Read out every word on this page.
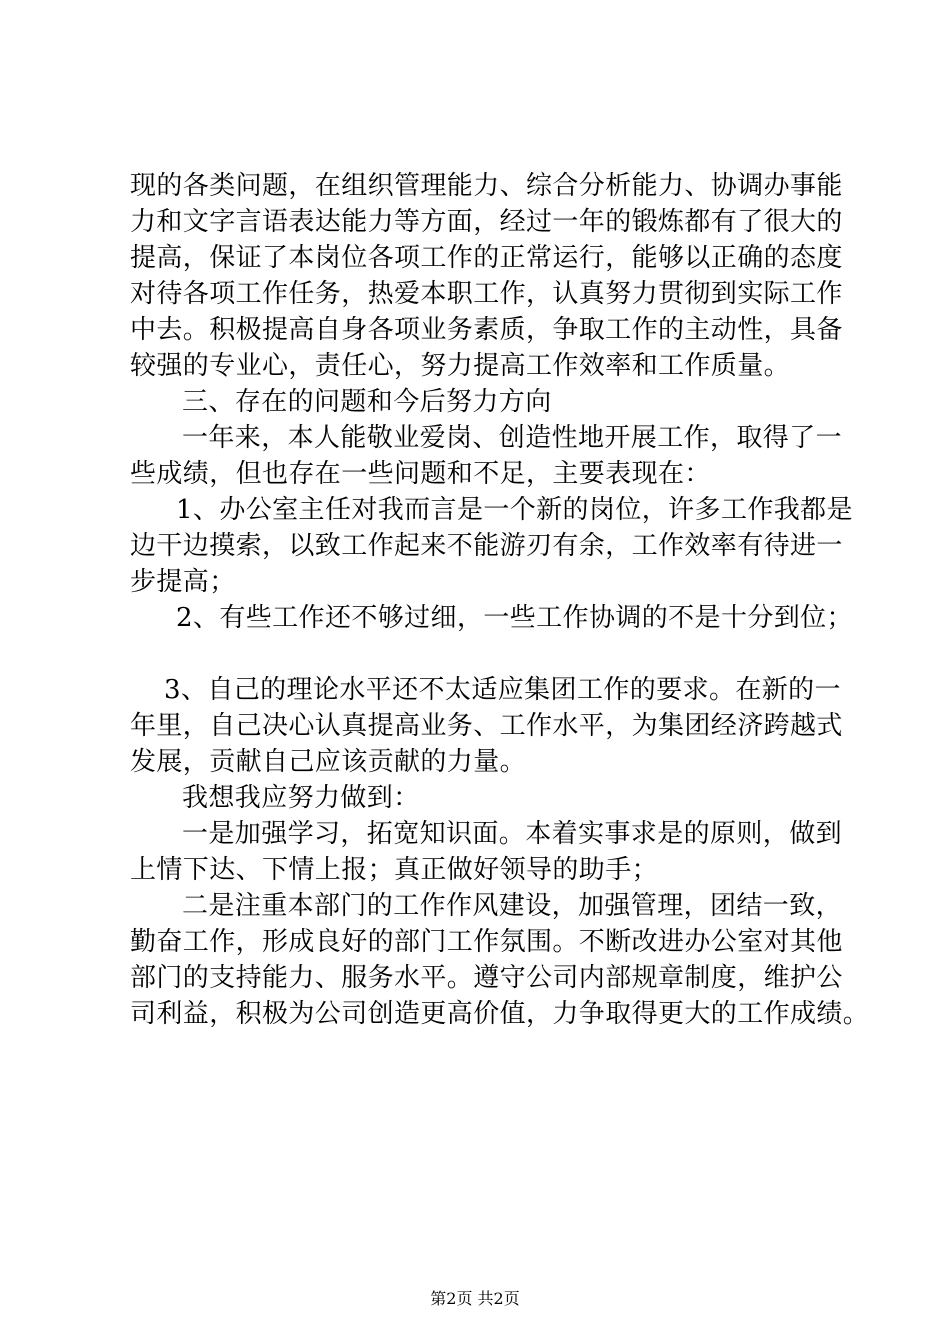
现的各类问题，在组织管理能力、综合分析能力、协调办事能
力和文字言语表达能力等方面，经过一年的锻炼都有了很大的
提高，保证了本岗位各项工作的正常运行，能够以正确的态度
对待各项工作任务，热爱本职工作，认真努力贯彻到实际工作
中去。积极提高自身各项业务素质，争取工作的主动性，具备
较强的专业心，责任心，努力提高工作效率和工作质量。
三、存在的问题和今后努力方向
一年来，本人能敬业爱岗、创造性地开展工作，取得了一
些成绩，但也存在一些问题和不足，主要表现在：
1、办公室主任对我而言是一个新的岗位，许多工作我都是
边干边摸索，以致工作起来不能游刃有余，工作效率有待进一
步提高；
2、有些工作还不够过细，一些工作协调的不是十分到位；
3、自己的理论水平还不太适应集团工作的要求。在新的一
年里，自己决心认真提高业务、工作水平，为集团经济跨越式
发展，贡献自己应该贡献的力量。
我想我应努力做到：
一是加强学习，拓宽知识面。本着实事求是的原则，做到
上情下达、下情上报；真正做好领导的助手；
二是注重本部门的工作作风建设，加强管理，团结一致，
勤奋工作，形成良好的部门工作氛围。不断改进办公室对其他
部门的支持能力、服务水平。遵守公司内部规章制度，维护公
司利益，积极为公司创造更高价值，力争取得更大的工作成绩。
第2页 共2页
